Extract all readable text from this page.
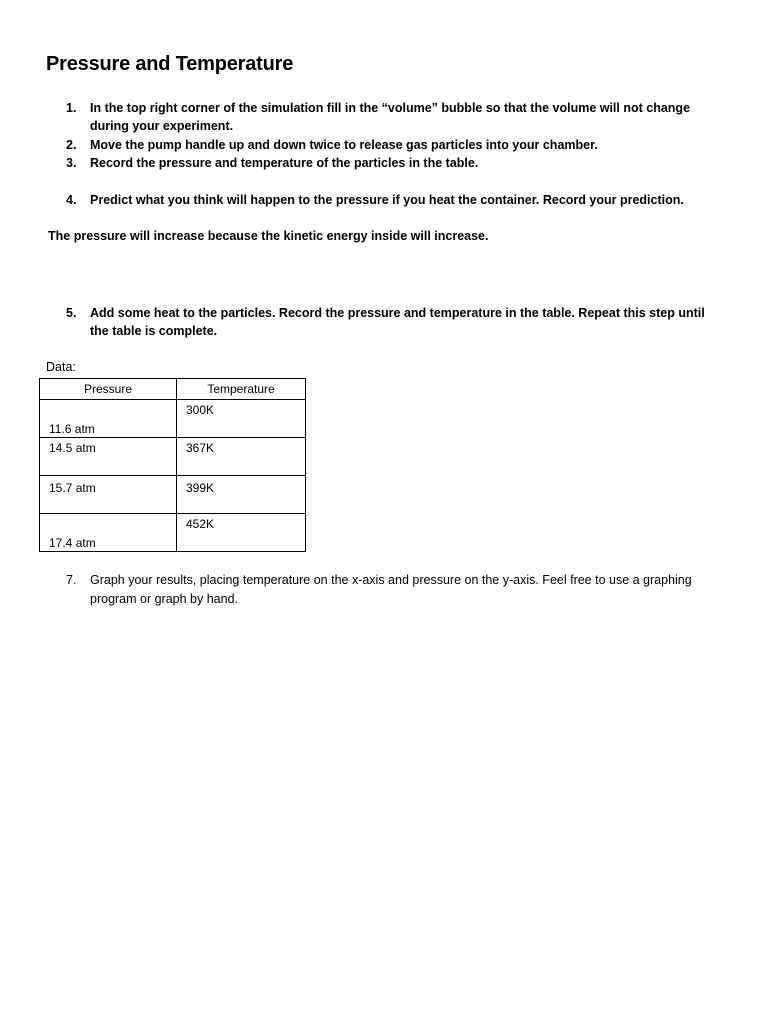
Pressure and Temperature
1. In the top right corner of the simulation fill in the “volume” bubble so that the volume will not change during your experiment.
2. Move the pump handle up and down twice to release gas particles into your chamber.
3. Record the pressure and temperature of the particles in the table.
4. Predict what you think will happen to the pressure if you heat the container. Record your prediction.
The pressure will increase because the kinetic energy inside will increase.
5. Add some heat to the particles. Record the pressure and temperature in the table. Repeat this step until the table is complete.
Data:
Pressure	Temperature

11.6 atm	300K

14.5 atm	367K

15.7 atm	399K

17.4 atm	452K
7. Graph your results, placing temperature on the x-axis and pressure on the y-axis. Feel free to use a graphing program or graph by hand.
